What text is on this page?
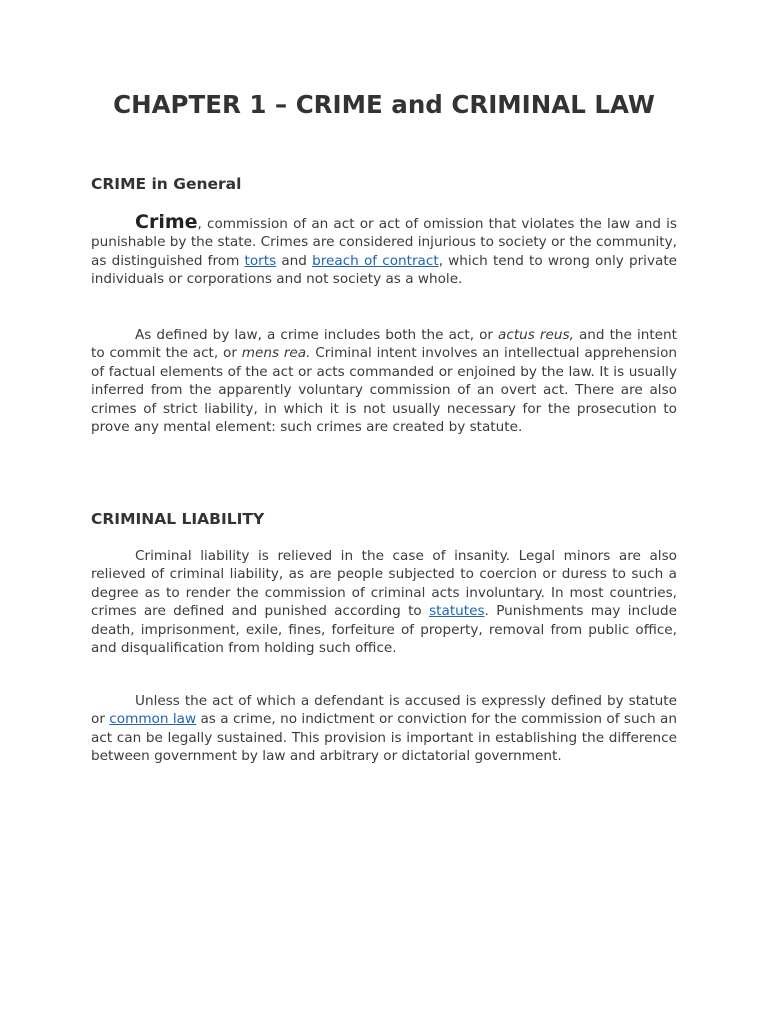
CHAPTER 1 – CRIME and CRIMINAL LAW
CRIME in General

Crime, commission of an act or act of omission that violates the law and is punishable by the state. Crimes are considered injurious to society or the community, as distinguished from torts and breach of contract, which tend to wrong only private individuals or corporations and not society as a whole.

As defined by law, a crime includes both the act, or actus reus, and the intent to commit the act, or mens rea. Criminal intent involves an intellectual apprehension of factual elements of the act or acts commanded or enjoined by the law. It is usually inferred from the apparently voluntary commission of an overt act. There are also crimes of strict liability, in which it is not usually necessary for the prosecution to prove any mental element: such crimes are created by statute.

CRIMINAL LIABILITY

Criminal liability is relieved in the case of insanity. Legal minors are also relieved of criminal liability, as are people subjected to coercion or duress to such a degree as to render the commission of criminal acts involuntary. In most countries, crimes are defined and punished according to statutes. Punishments may include death, imprisonment, exile, fines, forfeiture of property, removal from public office, and disqualification from holding such office.

Unless the act of which a defendant is accused is expressly defined by statute or common law as a crime, no indictment or conviction for the commission of such an act can be legally sustained. This provision is important in establishing the difference between government by law and arbitrary or dictatorial government.
